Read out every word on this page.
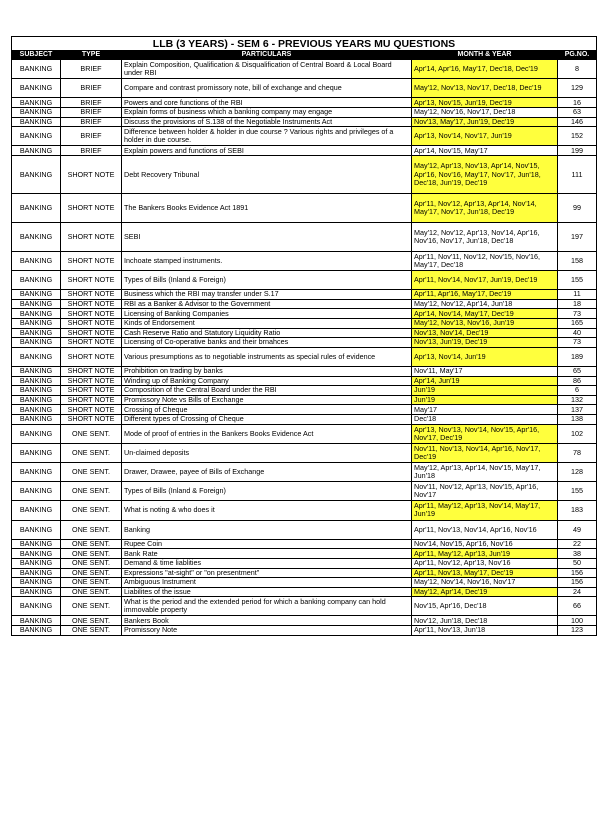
LLB (3 YEARS) - SEM 6 - PREVIOUS YEARS MU QUESTIONS				
SUBJECT	TYPE	PARTICULARS	MONTH & YEAR	PG.NO.
BANKING	BRIEF	Explain Composition, Qualification & Disqualification of Central Board & Local Board under RBI	Apr'14, Apr'16, May'17, Dec'18, Dec'19	8
BANKING	BRIEF	Compare and contrast promissory note, bill of exchange and cheque	May'12, Nov'13, Nov'17, Dec'18, Dec'19	129
BANKING	BRIEF	Powers and core functions of the RBI	Apr'13, Nov'15, Jun'19, Dec'19	16
BANKING	BRIEF	Explain forms of business which a banking company may engage	May'12, Nov'16, Nov'17, Dec'18	63
BANKING	BRIEF	Discuss the provisions of S.138 of the Negotiable Instruments Act	Nov'13, May'17, Jun'19, Dec'19	146
BANKING	BRIEF	Difference between holder & holder in due course ? Various rights and privileges of a holder in due course.	Apr'13, Nov'14, Nov'17, Jun'19	152
BANKING	BRIEF	Explain powers and functions of SEBI	Apr'14, Nov'15, May'17	199
BANKING	SHORT NOTE	Debt Recovery Tribunal	May'12, Apr'13, Nov'13, Apr'14, Nov'15, Apr'16, Nov'16, May'17, Nov'17, Jun'18, Dec'18, Jun'19, Dec'19	111
BANKING	SHORT NOTE	The Bankers Books Evidence Act 1891	Apr'11, Nov'12, Apr'13, Apr'14, Nov'14, May'17, Nov'17, Jun'18, Dec'19	99
BANKING	SHORT NOTE	SEBI	May'12, Nov'12, Apr'13, Nov'14, Apr'16, Nov'16, Nov'17, Jun'18, Dec'18	197
BANKING	SHORT NOTE	Inchoate stamped instruments.	Apr'11, Nov'11, Nov'12, Nov'15, Nov'16, May'17, Dec'18	158
BANKING	SHORT NOTE	Types of Bills (Inland & Foreign)	Apr'11, Nov'14, Nov'17, Jun'19, Dec'19	155
BANKING	SHORT NOTE	Business which the RBI may transfer under S.17	Apr'11, Apr'16, May'17, Dec'19	11
BANKING	SHORT NOTE	RBI as a Banker & Advisor to the Government	May'12, Nov'12, Apr'14, Jun'18	18
BANKING	SHORT NOTE	Licensing of Banking Companies	Apr'14, Nov'14, May'17, Dec'19	73
BANKING	SHORT NOTE	Kinds of Endorsement	May'12, Nov'13, Nov'16, Jun'19	165
BANKING	SHORT NOTE	Cash Reserve Ratio and Statutory Liquidity Ratio	Nov'13, Nov'14, Dec'19	40
BANKING	SHORT NOTE	Licensing of Co-operative banks and their brnahces	Nov'13, Jun'19, Dec'19	73
BANKING	SHORT NOTE	Various presumptions as to negotiable instruments as special rules of evidence	Apr'13, Nov'14, Jun'19	189
BANKING	SHORT NOTE	Prohibition on trading by banks	Nov'11, May'17	65
BANKING	SHORT NOTE	Winding up of Banking Company	Apr'14, Jun'19	86
BANKING	SHORT NOTE	Composition of the Central Board under the RBI	Jun'19	6
BANKING	SHORT NOTE	Promissory Note vs Bills of Exchange	Jun'19	132
BANKING	SHORT NOTE	Crossing of Cheque	May'17	137
BANKING	SHORT NOTE	Different types of Crossing of Cheque	Dec'18	138
BANKING	ONE SENT.	Mode of proof of entries in the Bankers Books Evidence Act	Apr'13, Nov'13, Nov'14, Nov'15, Apr'16, Nov'17, Dec'19	102
BANKING	ONE SENT.	Un-claimed deposits	Nov'11, Nov'13, Nov'14, Apr'16, Nov'17, Dec'19	78
BANKING	ONE SENT.	Drawer, Drawee, payee of Bills of Exchange	May'12, Apr'13, Apr'14, Nov'15, May'17, Jun'18	128
BANKING	ONE SENT.	Types of Bills (Inland & Foreign)	Nov'11, Nov'12, Apr'13, Nov'15, Apr'16, Nov'17	155
BANKING	ONE SENT.	What is noting & who does it	Apr'11, May'12, Apr'13, Nov'14, May'17, Jun'19	183
BANKING	ONE SENT.	Banking	Apr'11, Nov'13, Nov'14, Apr'16, Nov'16	49
BANKING	ONE SENT.	Rupee Coin	Nov'14, Nov'15, Apr'16, Nov'16	22
BANKING	ONE SENT.	Bank Rate	Apr'11, May'12, Apr'13, Jun'19	38
BANKING	ONE SENT.	Demand & time liablities	Apr'11, Nov'12, Apr'13, Nov'16	50
BANKING	ONE SENT.	Expressions "at-sight" or "on presentment"	Apr'11, Nov'13, May'17, Dec'19	156
BANKING	ONE SENT.	Ambiguous Instrument	May'12, Nov'14, Nov'16, Nov'17	156
BANKING	ONE SENT.	Liabilites of the issue	May'12, Apr'14, Dec'19	24
BANKING	ONE SENT.	What is the period and the extended period for which a banking company can hold immovable property	Nov'15, Apr'16, Dec'18	66
BANKING	ONE SENT.	Bankers Book	Nov'12, Jun'18, Dec'18	100
BANKING	ONE SENT.	Promissory Note	Apr'11, Nov'13, Jun'18	123
